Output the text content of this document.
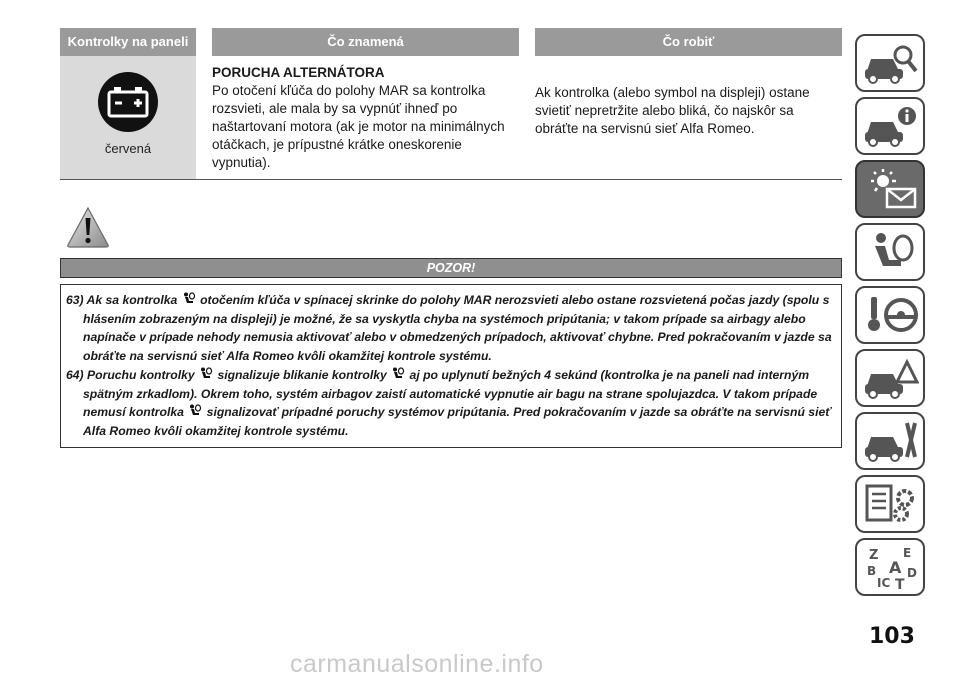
Kontrolky na paneli	Čo znamená	Čo robiť
červená
PORUCHA ALTERNÁTORA
Po otočení kľúča do polohy MAR sa kontrolka rozsvieti, ale mala by sa vypnúť ihneď po naštartovaní motora (ak je motor na minimálnych otáčkach, je prípustné krátke oneskorenie vypnutia).
Ak kontrolka (alebo symbol na displeji) ostane svietiť nepretržite alebo bliká, čo najskôr sa obráťte na servisnú sieť Alfa Romeo.
POZOR!
63) Ak sa kontrolka  otočením kľúča v spínacej skrinke do polohy MAR nerozsvieti alebo ostane rozsvietená počas jazdy (spolu s hlásením zobrazeným na displeji) je možné, že sa vyskytla chyba na systémoch pripútania; v takom prípade sa airbagy alebo napínače v prípade nehody nemusia aktivovať alebo v obmedzených prípadoch, aktivovať chybne. Pred pokračovaním v jazde sa obráťte na servisnú sieť Alfa Romeo kvôli okamžitej kontrole systému.
64) Poruchu kontrolky  signalizuje blikanie kontrolky  aj po uplynutí bežných 4 sekúnd (kontrolka je na paneli nad interným spätným zrkadlom). Okrem toho, systém airbagov zaistí automatické vypnutie air bagu na strane spolujazdca. V takom prípade nemusí kontrolka  signalizovať prípadné poruchy systémov pripútania. Pred pokračovaním v jazde sa obráťte na servisnú sieť Alfa Romeo kvôli okamžitej kontrole systému.
Z E
B A D
IC T
103
carmanualsonline.info
